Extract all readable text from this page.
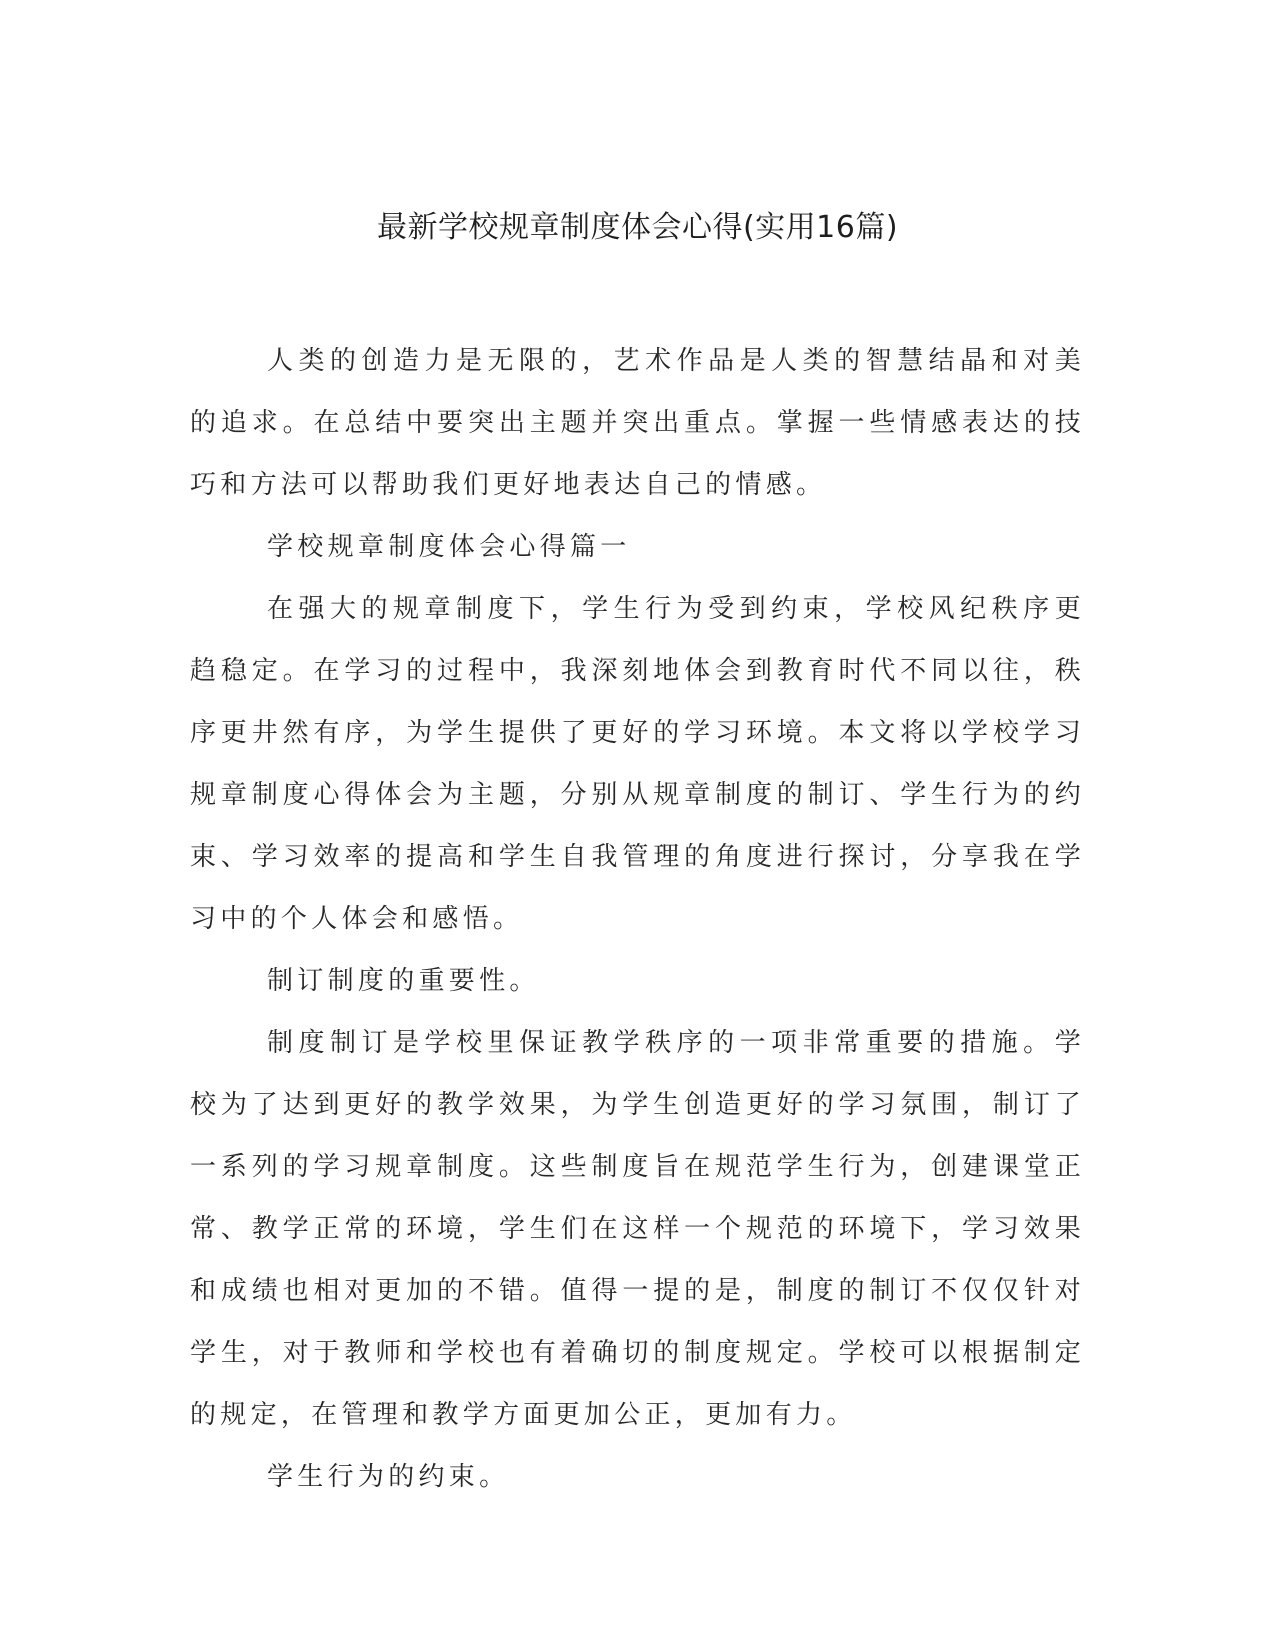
最新学校规章制度体会心得(实用16篇)

人类的创造力是无限的，艺术作品是人类的智慧结晶和对美的追求。在总结中要突出主题并突出重点。掌握一些情感表达的技巧和方法可以帮助我们更好地表达自己的情感。

学校规章制度体会心得篇一

在强大的规章制度下，学生行为受到约束，学校风纪秩序更趋稳定。在学习的过程中，我深刻地体会到教育时代不同以往，秩序更井然有序，为学生提供了更好的学习环境。本文将以学校学习规章制度心得体会为主题，分别从规章制度的制订、学生行为的约束、学习效率的提高和学生自我管理的角度进行探讨，分享我在学习中的个人体会和感悟。

制订制度的重要性。

制度制订是学校里保证教学秩序的一项非常重要的措施。学校为了达到更好的教学效果，为学生创造更好的学习氛围，制订了一系列的学习规章制度。这些制度旨在规范学生行为，创建课堂正常、教学正常的环境，学生们在这样一个规范的环境下，学习效果和成绩也相对更加的不错。值得一提的是，制度的制订不仅仅针对学生，对于教师和学校也有着确切的制度规定。学校可以根据制定的规定，在管理和教学方面更加公正，更加有力。

学生行为的约束。
